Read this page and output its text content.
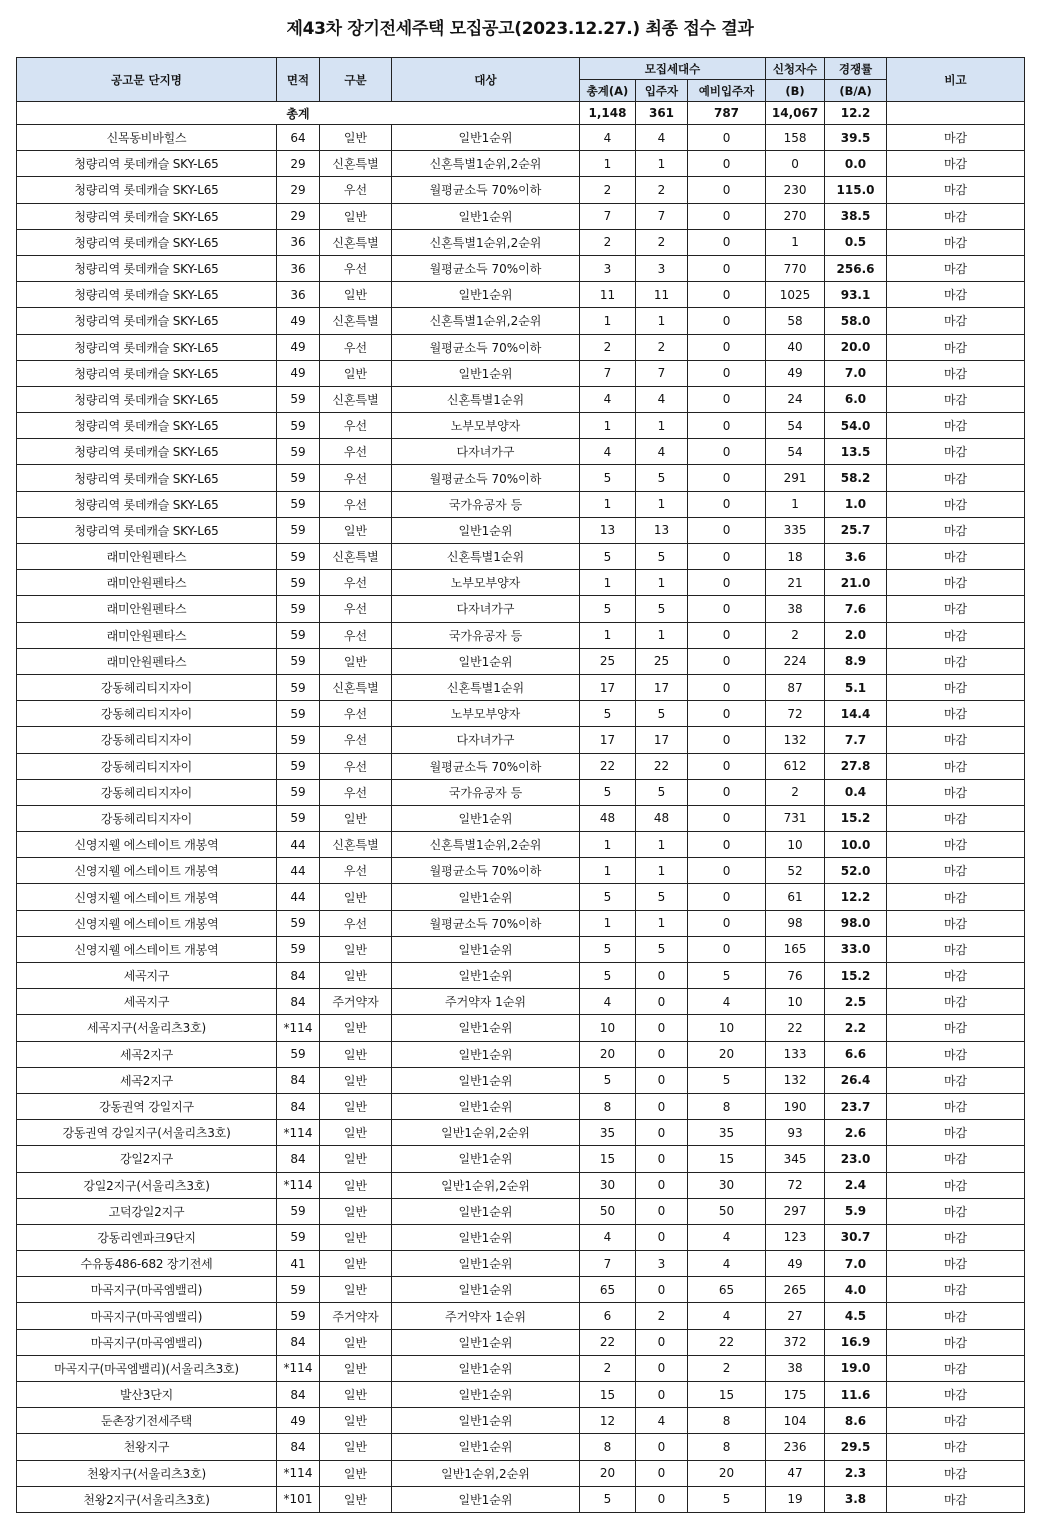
제43차 장기전세주택 모집공고(2023.12.27.) 최종 접수 결과
공고문 단지명	면적	구분	대상	모집세대수			신청자수	경쟁률	비고
				총계(A)	입주자	예비입주자	(B)	(B/A)	
총계				1,148	361	787	14,067	12.2	
신목동비바힐스	64	일반	일반1순위	4	4	0	158	39.5	마감
청량리역 롯데캐슬 SKY-L65	29	신혼특별	신혼특별1순위,2순위	1	1	0	0	0.0	마감
청량리역 롯데캐슬 SKY-L65	29	우선	월평균소득 70%이하	2	2	0	230	115.0	마감
청량리역 롯데캐슬 SKY-L65	29	일반	일반1순위	7	7	0	270	38.5	마감
청량리역 롯데캐슬 SKY-L65	36	신혼특별	신혼특별1순위,2순위	2	2	0	1	0.5	마감
청량리역 롯데캐슬 SKY-L65	36	우선	월평균소득 70%이하	3	3	0	770	256.6	마감
청량리역 롯데캐슬 SKY-L65	36	일반	일반1순위	11	11	0	1025	93.1	마감
청량리역 롯데캐슬 SKY-L65	49	신혼특별	신혼특별1순위,2순위	1	1	0	58	58.0	마감
청량리역 롯데캐슬 SKY-L65	49	우선	월평균소득 70%이하	2	2	0	40	20.0	마감
청량리역 롯데캐슬 SKY-L65	49	일반	일반1순위	7	7	0	49	7.0	마감
청량리역 롯데캐슬 SKY-L65	59	신혼특별	신혼특별1순위	4	4	0	24	6.0	마감
청량리역 롯데캐슬 SKY-L65	59	우선	노부모부양자	1	1	0	54	54.0	마감
청량리역 롯데캐슬 SKY-L65	59	우선	다자녀가구	4	4	0	54	13.5	마감
청량리역 롯데캐슬 SKY-L65	59	우선	월평균소득 70%이하	5	5	0	291	58.2	마감
청량리역 롯데캐슬 SKY-L65	59	우선	국가유공자 등	1	1	0	1	1.0	마감
청량리역 롯데캐슬 SKY-L65	59	일반	일반1순위	13	13	0	335	25.7	마감
래미안원펜타스	59	신혼특별	신혼특별1순위	5	5	0	18	3.6	마감
래미안원펜타스	59	우선	노부모부양자	1	1	0	21	21.0	마감
래미안원펜타스	59	우선	다자녀가구	5	5	0	38	7.6	마감
래미안원펜타스	59	우선	국가유공자 등	1	1	0	2	2.0	마감
래미안원펜타스	59	일반	일반1순위	25	25	0	224	8.9	마감
강동헤리티지자이	59	신혼특별	신혼특별1순위	17	17	0	87	5.1	마감
강동헤리티지자이	59	우선	노부모부양자	5	5	0	72	14.4	마감
강동헤리티지자이	59	우선	다자녀가구	17	17	0	132	7.7	마감
강동헤리티지자이	59	우선	월평균소득 70%이하	22	22	0	612	27.8	마감
강동헤리티지자이	59	우선	국가유공자 등	5	5	0	2	0.4	마감
강동헤리티지자이	59	일반	일반1순위	48	48	0	731	15.2	마감
신영지웰 에스테이트 개봉역	44	신혼특별	신혼특별1순위,2순위	1	1	0	10	10.0	마감
신영지웰 에스테이트 개봉역	44	우선	월평균소득 70%이하	1	1	0	52	52.0	마감
신영지웰 에스테이트 개봉역	44	일반	일반1순위	5	5	0	61	12.2	마감
신영지웰 에스테이트 개봉역	59	우선	월평균소득 70%이하	1	1	0	98	98.0	마감
신영지웰 에스테이트 개봉역	59	일반	일반1순위	5	5	0	165	33.0	마감
세곡지구	84	일반	일반1순위	5	0	5	76	15.2	마감
세곡지구	84	주거약자	주거약자 1순위	4	0	4	10	2.5	마감
세곡지구(서울리츠3호)	*114	일반	일반1순위	10	0	10	22	2.2	마감
세곡2지구	59	일반	일반1순위	20	0	20	133	6.6	마감
세곡2지구	84	일반	일반1순위	5	0	5	132	26.4	마감
강동권역 강일지구	84	일반	일반1순위	8	0	8	190	23.7	마감
강동권역 강일지구(서울리츠3호)	*114	일반	일반1순위,2순위	35	0	35	93	2.6	마감
강일2지구	84	일반	일반1순위	15	0	15	345	23.0	마감
강일2지구(서울리츠3호)	*114	일반	일반1순위,2순위	30	0	30	72	2.4	마감
고덕강일2지구	59	일반	일반1순위	50	0	50	297	5.9	마감
강동리엔파크9단지	59	일반	일반1순위	4	0	4	123	30.7	마감
수유동486-682 장기전세	41	일반	일반1순위	7	3	4	49	7.0	마감
마곡지구(마곡엠밸리)	59	일반	일반1순위	65	0	65	265	4.0	마감
마곡지구(마곡엠밸리)	59	주거약자	주거약자 1순위	6	2	4	27	4.5	마감
마곡지구(마곡엠밸리)	84	일반	일반1순위	22	0	22	372	16.9	마감
마곡지구(마곡엠밸리)(서울리츠3호)	*114	일반	일반1순위	2	0	2	38	19.0	마감
발산3단지	84	일반	일반1순위	15	0	15	175	11.6	마감
둔촌장기전세주택	49	일반	일반1순위	12	4	8	104	8.6	마감
천왕지구	84	일반	일반1순위	8	0	8	236	29.5	마감
천왕지구(서울리츠3호)	*114	일반	일반1순위,2순위	20	0	20	47	2.3	마감
천왕2지구(서울리츠3호)	*101	일반	일반1순위	5	0	5	19	3.8	마감
